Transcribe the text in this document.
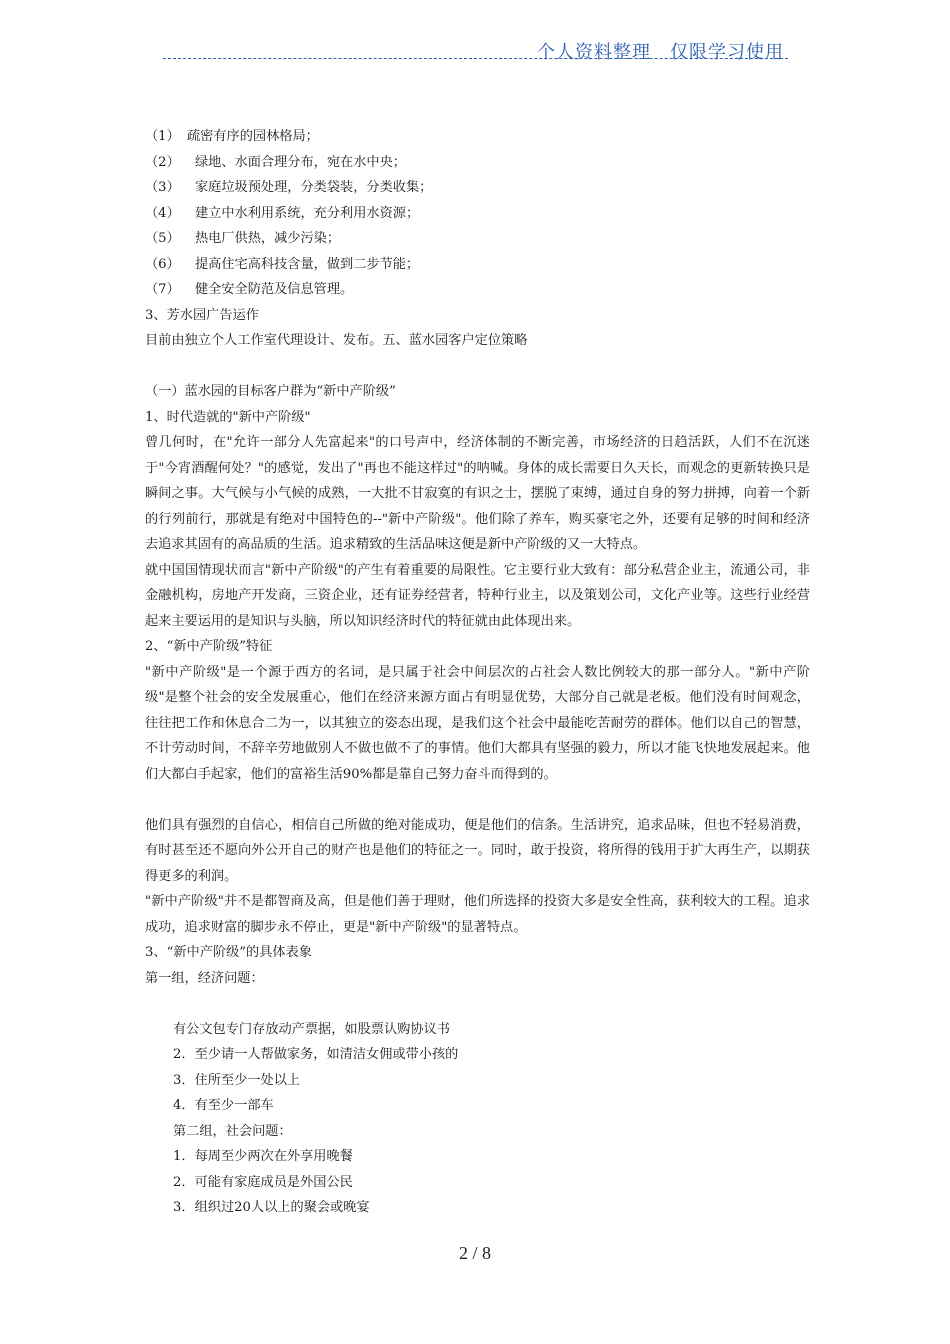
个人资料整理　仅限学习使用
（1） 疏密有序的园林格局；
（2） 绿地、水面合理分布，宛在水中央；
（3） 家庭垃圾预处理，分类袋装，分类收集；
（4） 建立中水利用系统，充分利用水资源；
（5） 热电厂供热，减少污染；
（6） 提高住宅高科技含量，做到二步节能；
（7） 健全安全防范及信息管理。
3、芳水园广告运作
目前由独立个人工作室代理设计、发布。五、蓝水园客户定位策略
（一）蓝水园的目标客户群为“新中产阶级”
1、时代造就的"新中产阶级"
曾几何时，在"允许一部分人先富起来"的口号声中，经济体制的不断完善，市场经济的日趋活跃，人们不在沉迷于"今宵酒醒何处？"的感觉，发出了"再也不能这样过"的呐喊。身体的成长需要日久天长，而观念的更新转换只是瞬间之事。大气候与小气候的成熟，一大批不甘寂寞的有识之士，摆脱了束缚，通过自身的努力拼搏，向着一个新的行列前行，那就是有绝对中国特色的--"新中产阶级"。他们除了养车，购买豪宅之外，还要有足够的时间和经济去追求其固有的高品质的生活。追求精致的生活品味这便是新中产阶级的又一大特点。
就中国国情现状而言"新中产阶级"的产生有着重要的局限性。它主要行业大致有：部分私营企业主，流通公司，非金融机构，房地产开发商，三资企业，还有证券经营者，特种行业主，以及策划公司，文化产业等。这些行业经营起来主要运用的是知识与头脑，所以知识经济时代的特征就由此体现出来。
2、“新中产阶级”特征
"新中产阶级"是一个源于西方的名词，是只属于社会中间层次的占社会人数比例较大的那一部分人。"新中产阶级"是整个社会的安全发展重心，他们在经济来源方面占有明显优势，大部分自己就是老板。他们没有时间观念，往往把工作和休息合二为一，以其独立的姿态出现，是我们这个社会中最能吃苦耐劳的群体。他们以自己的智慧，不计劳动时间，不辞辛劳地做别人不做也做不了的事情。他们大都具有坚强的毅力，所以才能飞快地发展起来。他们大都白手起家，他们的富裕生活90%都是靠自己努力奋斗而得到的。
他们具有强烈的自信心，相信自己所做的绝对能成功，便是他们的信条。生活讲究，追求品味，但也不轻易消费，有时甚至还不愿向外公开自己的财产也是他们的特征之一。同时，敢于投资，将所得的钱用于扩大再生产，以期获得更多的利润。
"新中产阶级"并不是都智商及高，但是他们善于理财，他们所选择的投资大多是安全性高，获利较大的工程。追求成功，追求财富的脚步永不停止，更是"新中产阶级"的显著特点。
3、“新中产阶级”的具体表象
第一组，经济问题：
有公文包专门存放动产票据，如股票认购协议书
2．至少请一人帮做家务，如清洁女佣或带小孩的
3．住所至少一处以上
4．有至少一部车
第二组，社会问题：
1．每周至少两次在外享用晚餐
2．可能有家庭成员是外国公民
3．组织过20人以上的聚会或晚宴
2 / 8
